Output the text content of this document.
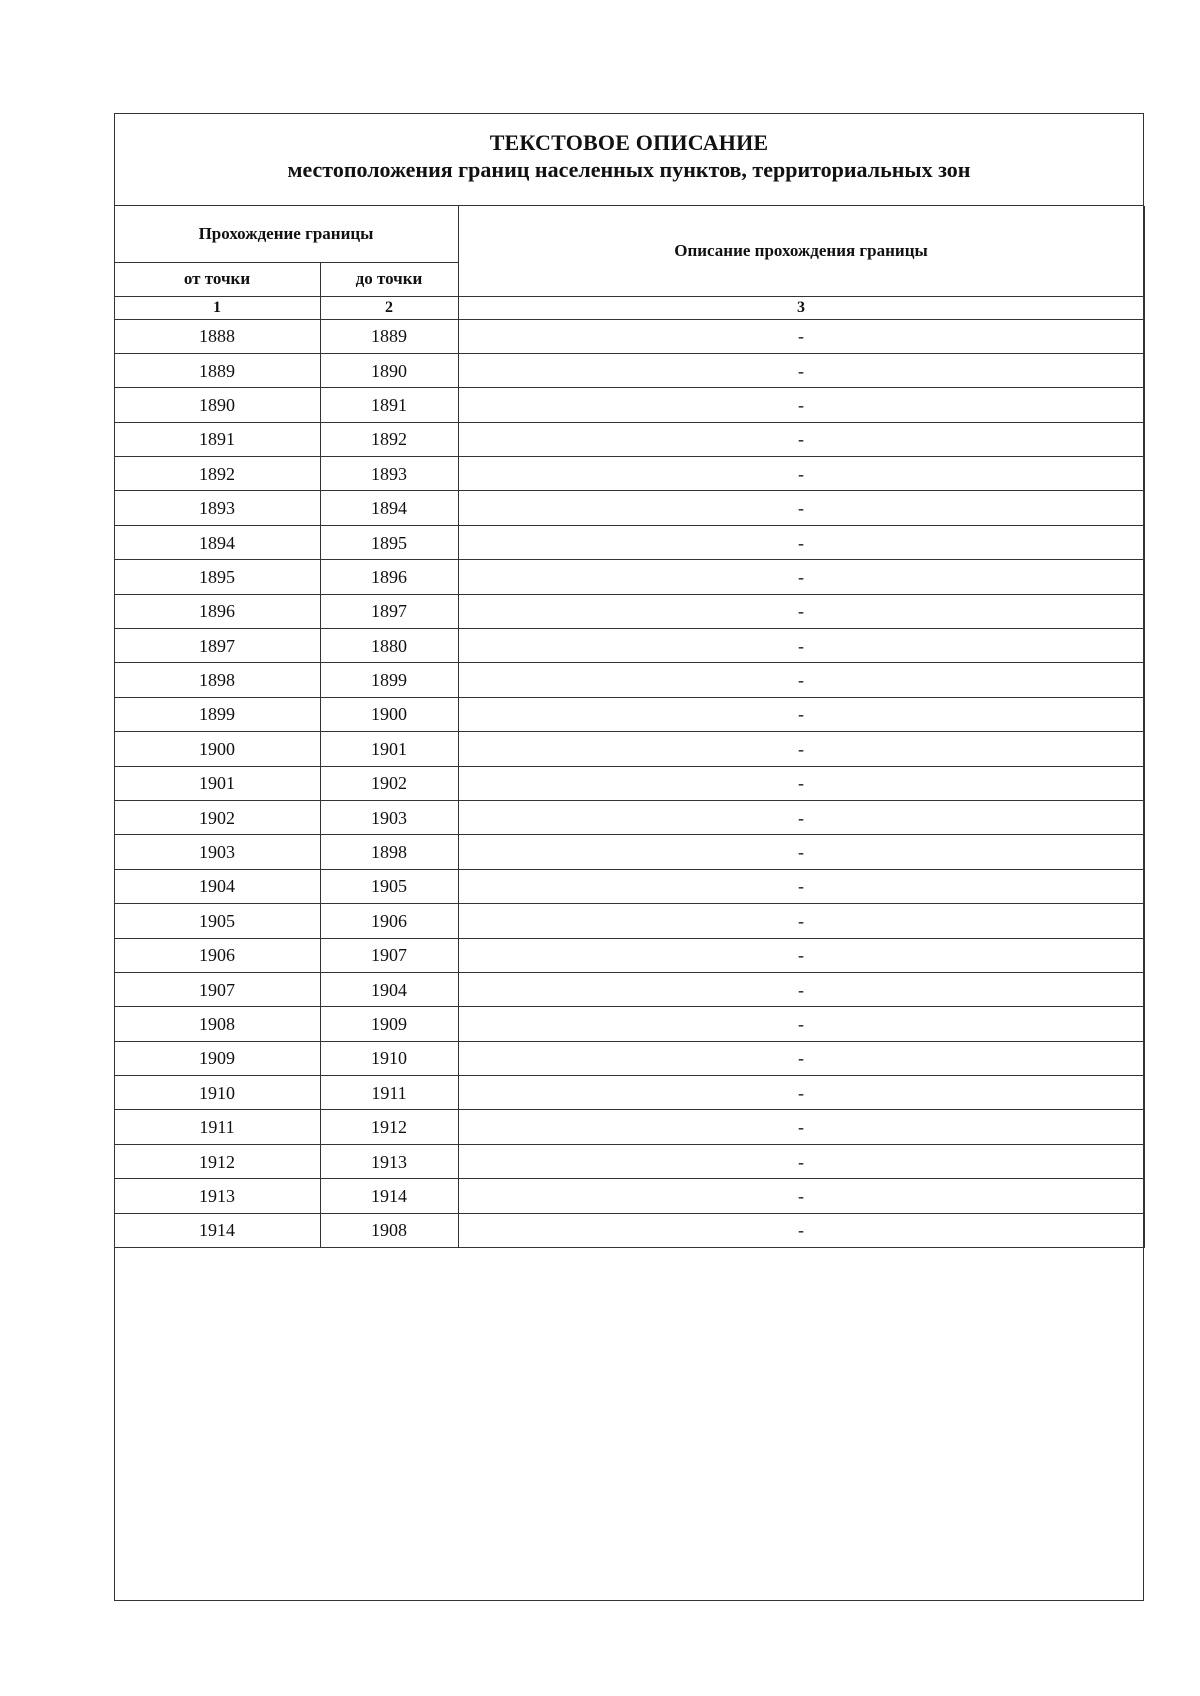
ТЕКСТОВОЕ ОПИСАНИЕ
местоположения границ населенных пунктов, территориальных зон
Прохождение границы		Описание прохождения границы
от точки	до точки	
1	2	3
1888	1889	-
1889	1890	-
1890	1891	-
1891	1892	-
1892	1893	-
1893	1894	-
1894	1895	-
1895	1896	-
1896	1897	-
1897	1880	-
1898	1899	-
1899	1900	-
1900	1901	-
1901	1902	-
1902	1903	-
1903	1898	-
1904	1905	-
1905	1906	-
1906	1907	-
1907	1904	-
1908	1909	-
1909	1910	-
1910	1911	-
1911	1912	-
1912	1913	-
1913	1914	-
1914	1908	-
